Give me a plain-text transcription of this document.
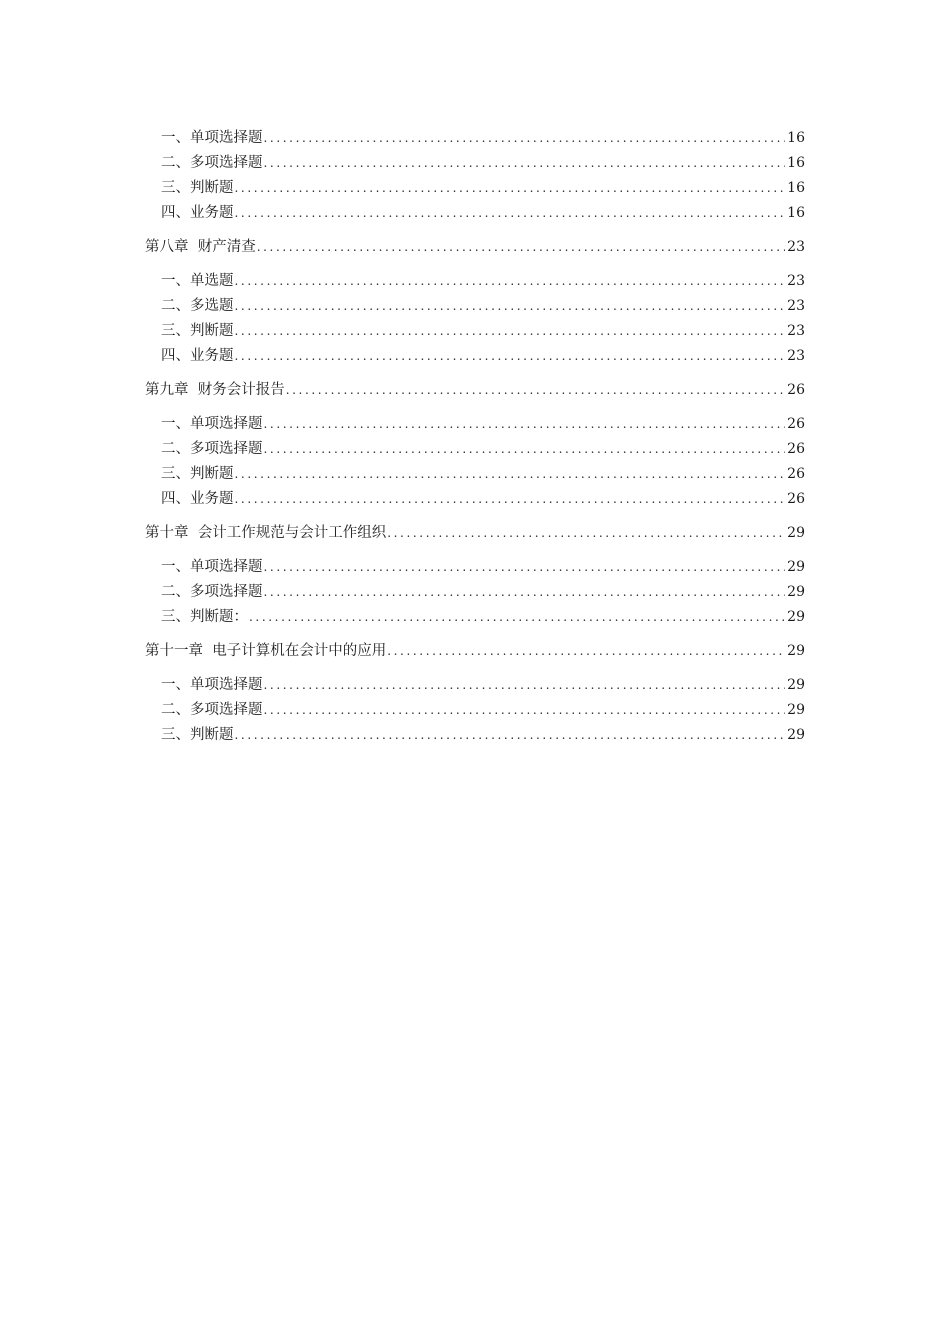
一、单项选择题 .....	16
二、多项选择题 .....	16
三、判断题 .....	16
四、业务题 .....	16
第八章  财产清查 .....	23
一、单选题 .....	23
二、多选题 .....	23
三、判断题 .....	23
四、业务题 .....	23
第九章  财务会计报告 .....	26
一、单项选择题 .....	26
二、多项选择题 .....	26
三、判断题 .....	26
四、业务题 .....	26
第十章  会计工作规范与会计工作组织 .....	29
一、单项选择题 .....	29
二、多项选择题 .....	29
三、判断题： .....	29
第十一章  电子计算机在会计中的应用 .....	29
一、单项选择题 .....	29
二、多项选择题 .....	29
三、判断题 .....	29
